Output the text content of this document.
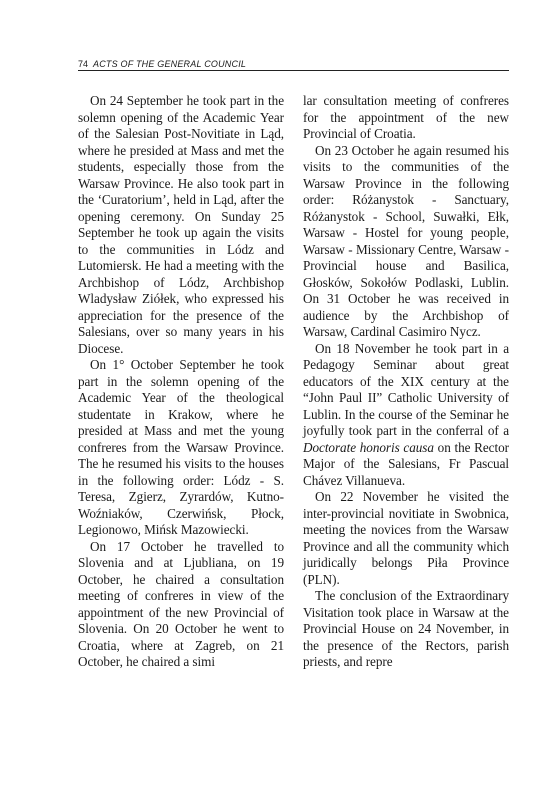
74 ACTS OF THE GENERAL COUNCIL

On 24 September he took part in the solemn opening of the Academic Year of the Salesian Post-Novitiate in Ląd, where he presided at Mass and met the students, especially those from the Warsaw Province. He also took part in the ‘Curatorium’, held in Ląd, after the opening ceremony. On Sunday 25 September he took up again the visits to the communities in Lódz and Lutomiersk. He had a meeting with the Archbishop of Lódz, Archbishop Wladysław Ziółek, who expressed his appreciation for the presence of the Salesians, over so many years in his Diocese.

On 1° October September he took part in the solemn opening of the Academic Year of the theological studentate in Krakow, where he presided at Mass and met the young confreres from the Warsaw Province. The he resumed his visits to the houses in the following order: Lódz - S. Teresa, Zgierz, Zyrardów, Kutno-Woźniaków, Czerwińsk, Płock, Legionowo, Mińsk Mazowiecki.

On 17 October he travelled to Slovenia and at Ljubliana, on 19 October, he chaired a consultation meeting of confreres in view of the appointment of the new Provincial of Slovenia. On 20 October he went to Croatia, where at Zagreb, on 21 October, he chaired a simi

lar consultation meeting of confreres for the appointment of the new Provincial of Croatia.

On 23 October he again resumed his visits to the communities of the Warsaw Province in the following order: Różanystok - Sanctuary, Różanystok - School, Suwałki, Ełk, Warsaw - Hostel for young people, Warsaw - Missionary Centre, Warsaw - Provincial house and Basilica, Głosków, Sokołów Podlaski, Lublin. On 31 October he was received in audience by the Archbishop of Warsaw, Cardinal Casimiro Nycz.

On 18 November he took part in a Pedagogy Seminar about great educators of the XIX century at the “John Paul II” Catholic University of Lublin. In the course of the Seminar he joyfully took part in the conferral of a Doctorate honoris causa on the Rector Major of the Salesians, Fr Pascual Chávez Villanueva.

On 22 November he visited the inter-provincial novitiate in Swobnica, meeting the novices from the Warsaw Province and all the community which juridically belongs Piła Province (PLN).

The conclusion of the Extraordinary Visitation took place in Warsaw at the Provincial House on 24 November, in the presence of the Rectors, parish priests, and repre
